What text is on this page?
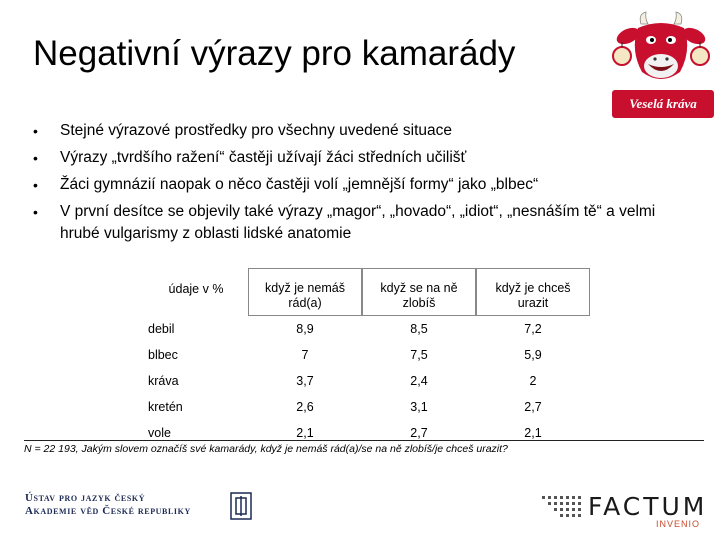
Negativní výrazy pro kamarády
Veselá kráva
• Stejné výrazové prostředky pro všechny uvedené situace
• Výrazy „tvrdšího ražení“ častěji užívají žáci středních učilišť
• Žáci gymnázií naopak o něco častěji volí „jemnější formy“ jako „blbec“
• V první desítce se objevily také výrazy „magor“, „hovado“, „idiot“, „nesnáším tě“ a velmi hrubé vulgarismy z oblasti lidské anatomie
údaje v %	když je nemáš rád(a)	když se na ně zlobíš	když je chceš urazit
debil	8,9	8,5	7,2
blbec	7	7,5	5,9
kráva	3,7	2,4	2
kretén	2,6	3,1	2,7
vole	2,1	2,7	2,1
N = 22 193, Jakým slovem označíš své kamarády, když je nemáš rád(a)/se na ně zlobíš/je chceš urazit?
Ústav pro jazyk český
Akademie věd České republiky	FACTUM
INVENIO
